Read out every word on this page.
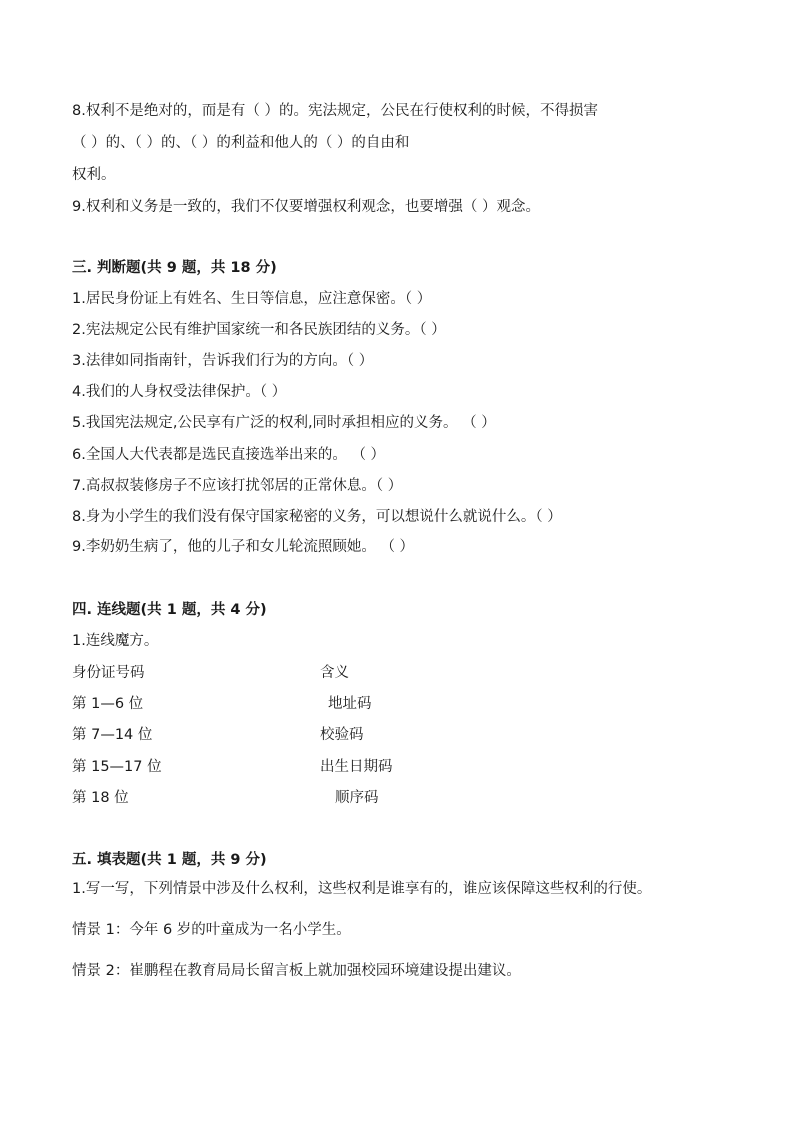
8.权利不是绝对的，而是有（ ）的。宪法规定，公民在行使权利的时候，不得损害
（ ）的、（ ）的、（ ）的利益和他人的（ ）的自由和
权利。
9.权利和义务是一致的，我们不仅要增强权利观念，也要增强（ ）观念。
三. 判断题(共 9 题，共 18 分)
1.居民身份证上有姓名、生日等信息，应注意保密。（ ）
2.宪法规定公民有维护国家统一和各民族团结的义务。（ ）
3.法律如同指南针，告诉我们行为的方向。（ ）
4.我们的人身权受法律保护。（ ）
5.我国宪法规定,公民享有广泛的权利,同时承担相应的义务。 （ ）
6.全国人大代表都是选民直接选举出来的。 （ ）
7.高叔叔装修房子不应该打扰邻居的正常休息。（ ）
8.身为小学生的我们没有保守国家秘密的义务，可以想说什么就说什么。（ ）
9.李奶奶生病了，他的儿子和女儿轮流照顾她。 （ ）
四. 连线题(共 1 题，共 4 分)
1.连线魔方。
身份证号码
第 1—6 位
第 7—14 位
第 15—17 位
第 18 位
含义
地址码
校验码
出生日期码
顺序码
五. 填表题(共 1 题，共 9 分)
1.写一写，下列情景中涉及什么权利，这些权利是谁享有的，谁应该保障这些权利的行使。
情景 1：今年 6 岁的叶童成为一名小学生。
情景 2：崔鹏程在教育局局长留言板上就加强校园环境建设提出建议。
